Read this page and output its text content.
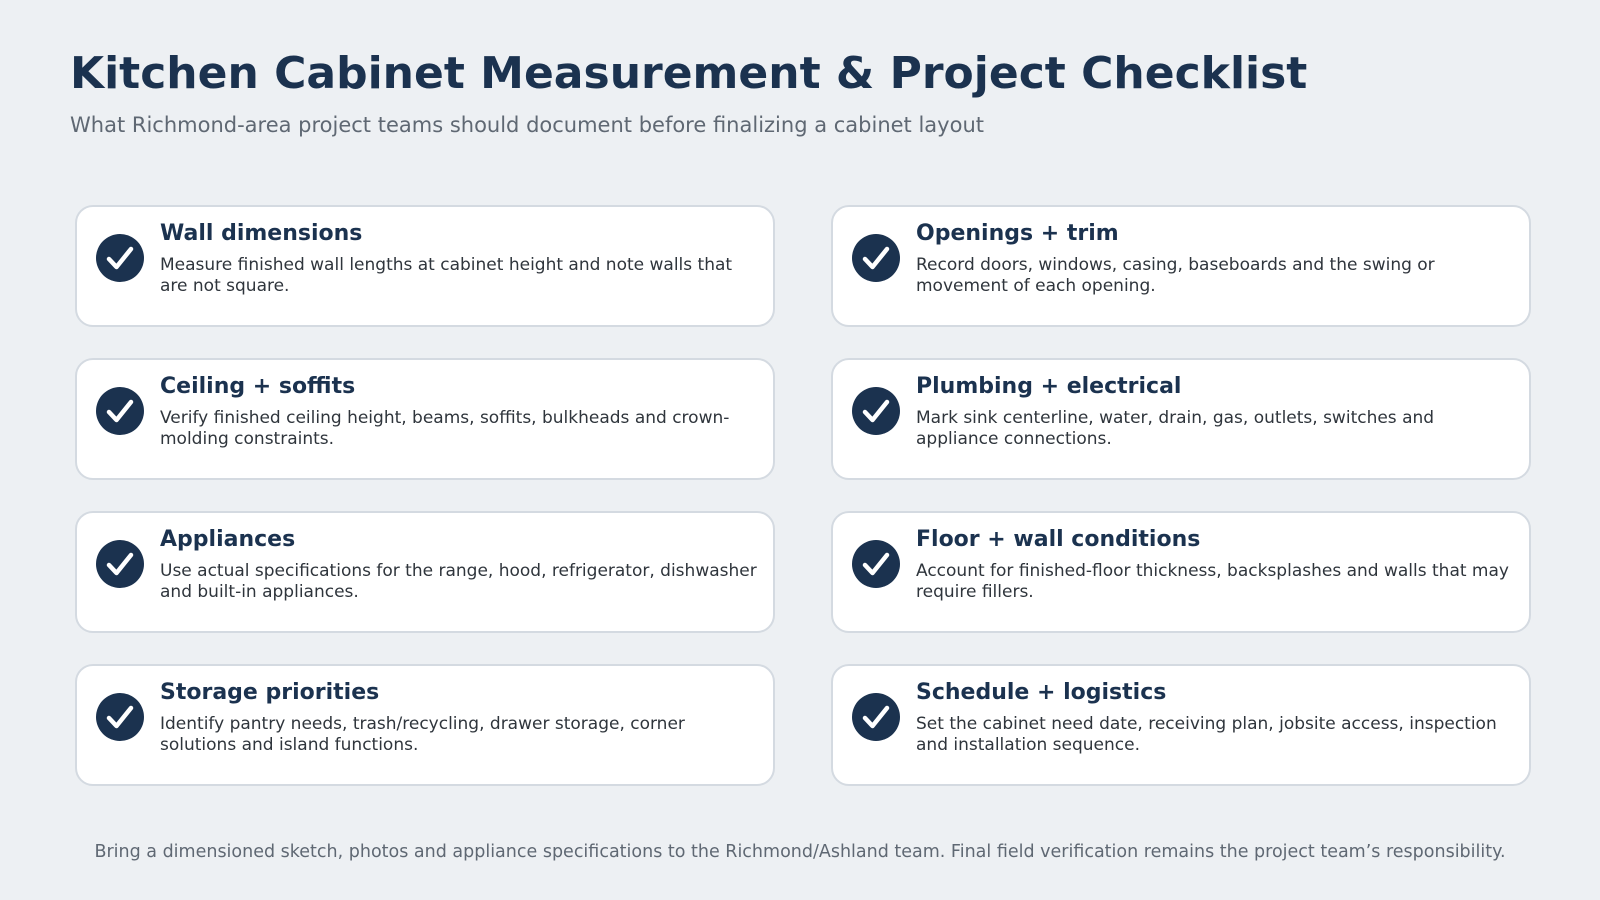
Kitchen Cabinet Measurement & Project Checklist
What Richmond-area project teams should document before finalizing a cabinet layout
Wall dimensions
Measure finished wall lengths at cabinet height and note walls that are not square.
Openings + trim
Record doors, windows, casing, baseboards and the swing or movement of each opening.
Ceiling + soffits
Verify finished ceiling height, beams, soffits, bulkheads and crown-molding constraints.
Plumbing + electrical
Mark sink centerline, water, drain, gas, outlets, switches and appliance connections.
Appliances
Use actual specifications for the range, hood, refrigerator, dishwasher and built-in appliances.
Floor + wall conditions
Account for finished-floor thickness, backsplashes and walls that may require fillers.
Storage priorities
Identify pantry needs, trash/recycling, drawer storage, corner solutions and island functions.
Schedule + logistics
Set the cabinet need date, receiving plan, jobsite access, inspection and installation sequence.
Bring a dimensioned sketch, photos and appliance specifications to the Richmond/Ashland team. Final field verification remains the project team’s responsibility.
